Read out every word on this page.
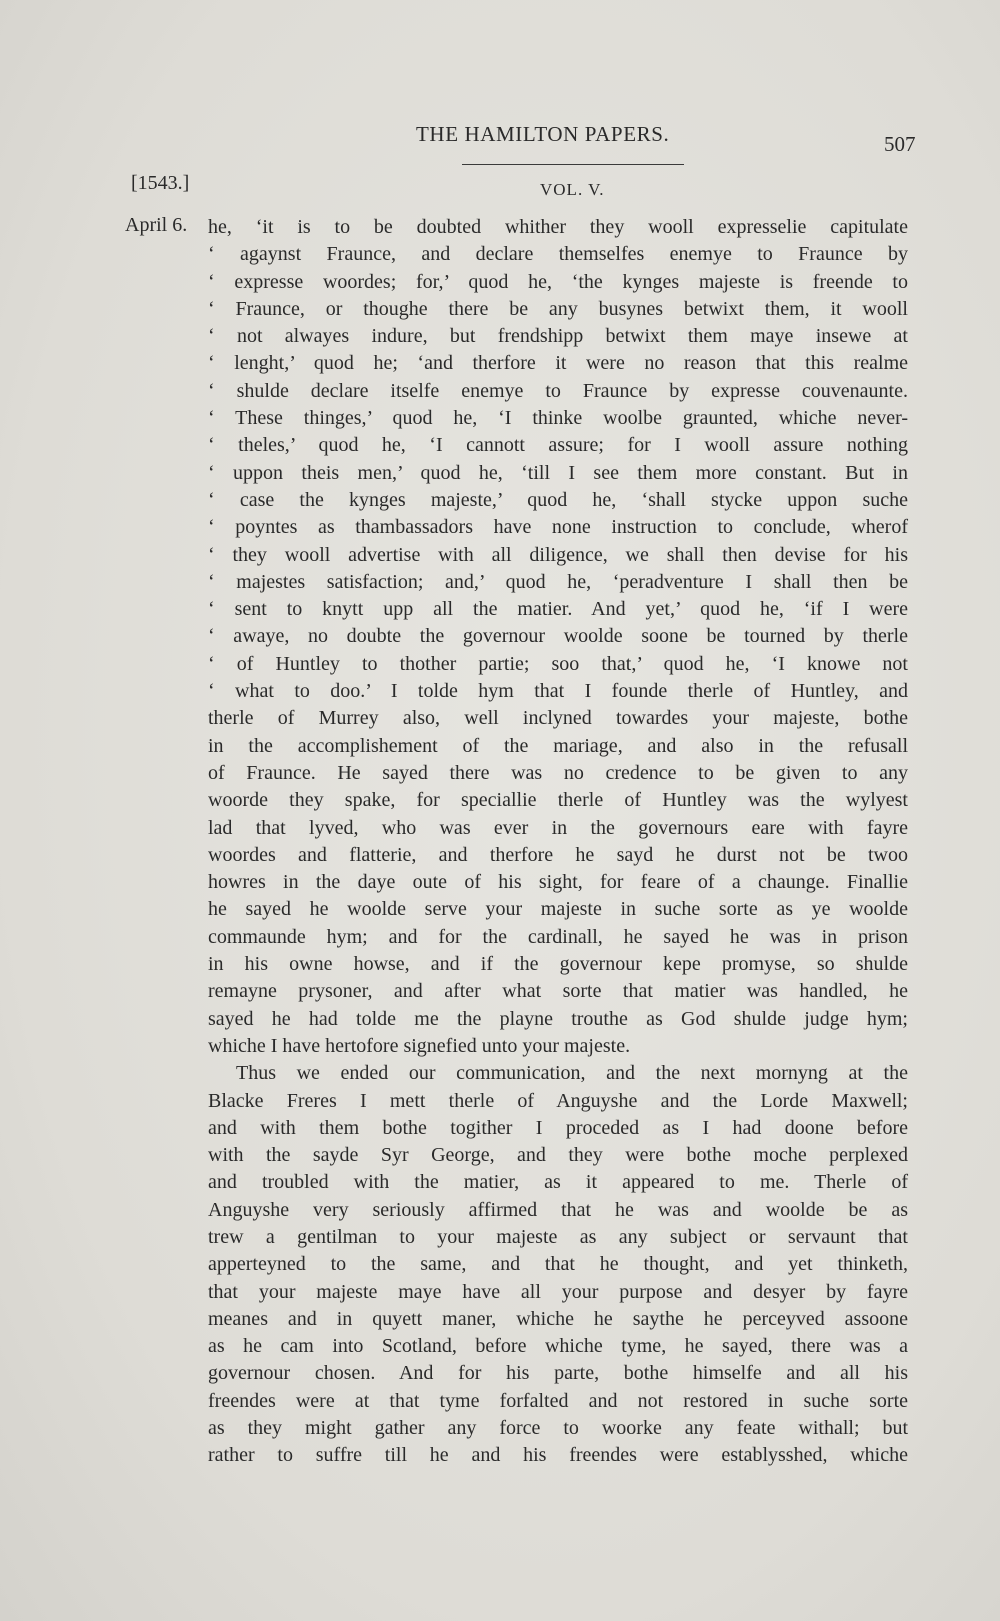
THE HAMILTON PAPERS.	507
[1543.]	VOL. V.
April 6. he, ‘it is to be doubted whither they wooll expresselie capitulate
‘ agaynst Fraunce, and declare themselfes enemye to Fraunce by
‘ expresse woordes; for,’ quod he, ‘the kynges majeste is freende to
‘ Fraunce, or thoughe there be any busynes betwixt them, it wooll
‘ not alwayes indure, but frendshipp betwixt them maye insewe at
‘ lenght,’ quod he; ‘and therfore it were no reason that this realme
‘ shulde declare itselfe enemye to Fraunce by expresse couvenaunte.
‘ These thinges,’ quod he, ‘I thinke woolbe graunted, whiche never-
‘ theles,’ quod he, ‘I cannott assure; for I wooll assure nothing
‘ uppon theis men,’ quod he, ‘till I see them more constant. But in
‘ case the kynges majeste,’ quod he, ‘shall stycke uppon suche
‘ poyntes as thambassadors have none instruction to conclude, wherof
‘ they wooll advertise with all diligence, we shall then devise for his
‘ majestes satisfaction; and,’ quod he, ‘peradventure I shall then be
‘ sent to knytt upp all the matier. And yet,’ quod he, ‘if I were
‘ awaye, no doubte the governour woolde soone be tourned by therle
‘ of Huntley to thother partie; soo that,’ quod he, ‘I knowe not
‘ what to doo.’ I tolde hym that I founde therle of Huntley, and
therle of Murrey also, well inclyned towardes your majeste, bothe
in the accomplishement of the mariage, and also in the refusall
of Fraunce. He sayed there was no credence to be given to any
woorde they spake, for speciallie therle of Huntley was the wylyest
lad that lyved, who was ever in the governours eare with fayre
woordes and flatterie, and therfore he sayd he durst not be twoo
howres in the daye oute of his sight, for feare of a chaunge. Finallie
he sayed he woolde serve your majeste in suche sorte as ye woolde
commaunde hym; and for the cardinall, he sayed he was in prison
in his owne howse, and if the governour kepe promyse, so shulde
remayne prysoner, and after what sorte that matier was handled, he
sayed he had tolde me the playne trouthe as God shulde judge hym;
whiche I have hertofore signefied unto your majeste.
Thus we ended our communication, and the next mornyng at the
Blacke Freres I mett therle of Anguyshe and the Lorde Maxwell;
and with them bothe togither I proceded as I had doone before
with the sayde Syr George, and they were bothe moche perplexed
and troubled with the matier, as it appeared to me. Therle of
Anguyshe very seriously affirmed that he was and woolde be as
trew a gentilman to your majeste as any subject or servaunt that
apperteyned to the same, and that he thought, and yet thinketh,
that your majeste maye have all your purpose and desyer by fayre
meanes and in quyett maner, whiche he saythe he perceyved assoone
as he cam into Scotland, before whiche tyme, he sayed, there was a
governour chosen. And for his parte, bothe himselfe and all his
freendes were at that tyme forfalted and not restored in suche sorte
as they might gather any force to woorke any feate withall; but
rather to suffre till he and his freendes were establysshed, whiche
